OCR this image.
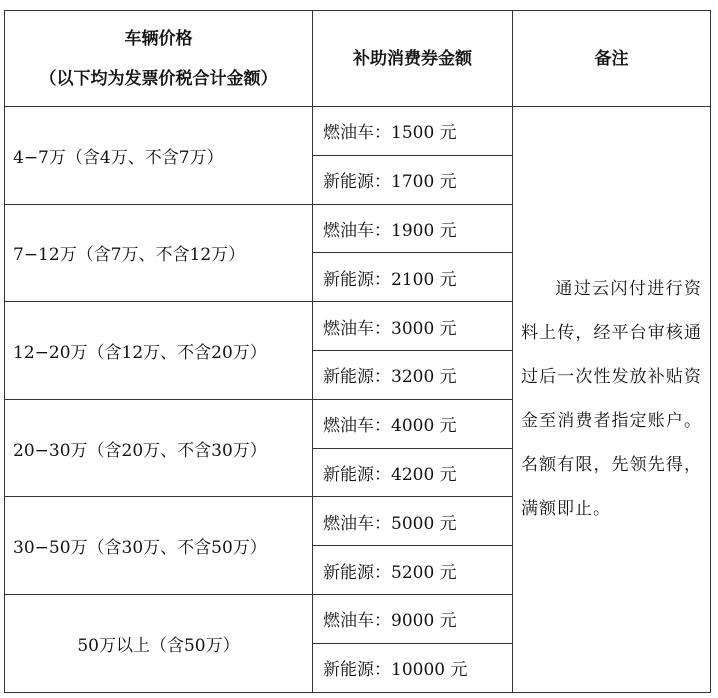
车辆价格
（以下均为发票价税合计金额）	补助消费券金额	备注
4−7万（含4万、不含7万）	燃油车：1500 元	通过云闪付进行资料上传，经平台审核通过后一次性发放补贴资金至消费者指定账户。名额有限，先领先得，满额即止。
	新能源：1700 元	
7−12万（含7万、不含12万）	燃油车：1900 元	
	新能源：2100 元	
12−20万（含12万、不含20万）	燃油车：3000 元	
	新能源：3200 元	
20−30万（含20万、不含30万）	燃油车：4000 元	
	新能源：4200 元	
30−50万（含30万、不含50万）	燃油车：5000 元	
	新能源：5200 元	
50万以上（含50万）	燃油车：9000 元	
	新能源：10000 元	
